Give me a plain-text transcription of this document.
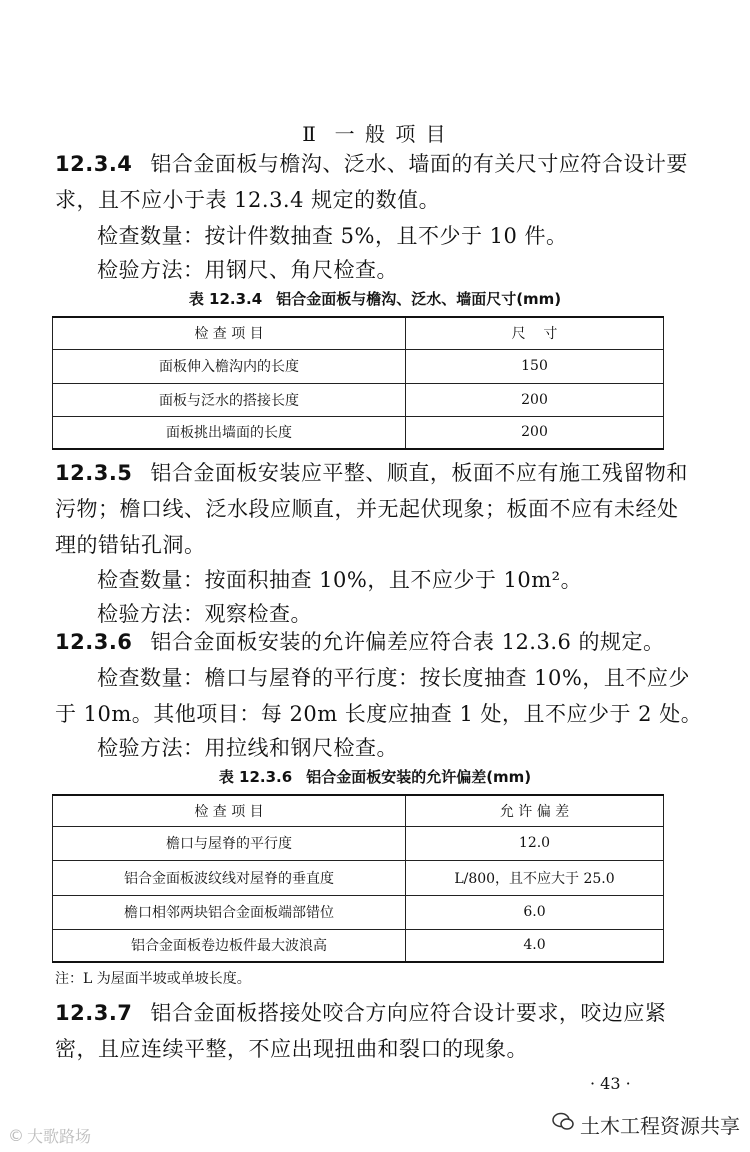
Ⅱ  一 般 项 目
12.3.4 铝合金面板与檐沟、泛水、墙面的有关尺寸应符合设计要求，且不应小于表 12.3.4 规定的数值。
检查数量：按计件数抽查 5%，且不少于 10 件。
检验方法：用钢尺、角尺检查。
表 12.3.4 铝合金面板与檐沟、泛水、墙面尺寸(mm)
检 查 项 目	尺    寸
面板伸入檐沟内的长度	150
面板与泛水的搭接长度	200
面板挑出墙面的长度	200
12.3.5 铝合金面板安装应平整、顺直，板面不应有施工残留物和污物；檐口线、泛水段应顺直，并无起伏现象；板面不应有未经处理的错钻孔洞。
检查数量：按面积抽查 10%，且不应少于 10m²。
检验方法：观察检查。
12.3.6 铝合金面板安装的允许偏差应符合表 12.3.6 的规定。
检查数量：檐口与屋脊的平行度：按长度抽查 10%，且不应少
于 10m。其他项目：每 20m 长度应抽查 1 处，且不应少于 2 处。
检验方法：用拉线和钢尺检查。
表 12.3.6 铝合金面板安装的允许偏差(mm)
检 查 项 目	允 许 偏 差
檐口与屋脊的平行度	12.0
铝合金面板波纹线对屋脊的垂直度	L/800，且不应大于 25.0
檐口相邻两块铝合金面板端部错位	6.0
铝合金面板卷边板件最大波浪高	4.0
注：L 为屋面半坡或单坡长度。
12.3.7 铝合金面板搭接处咬合方向应符合设计要求，咬边应紧密，且应连续平整，不应出现扭曲和裂口的现象。
· 43 ·
土木工程资源共享
© 大歌路场
